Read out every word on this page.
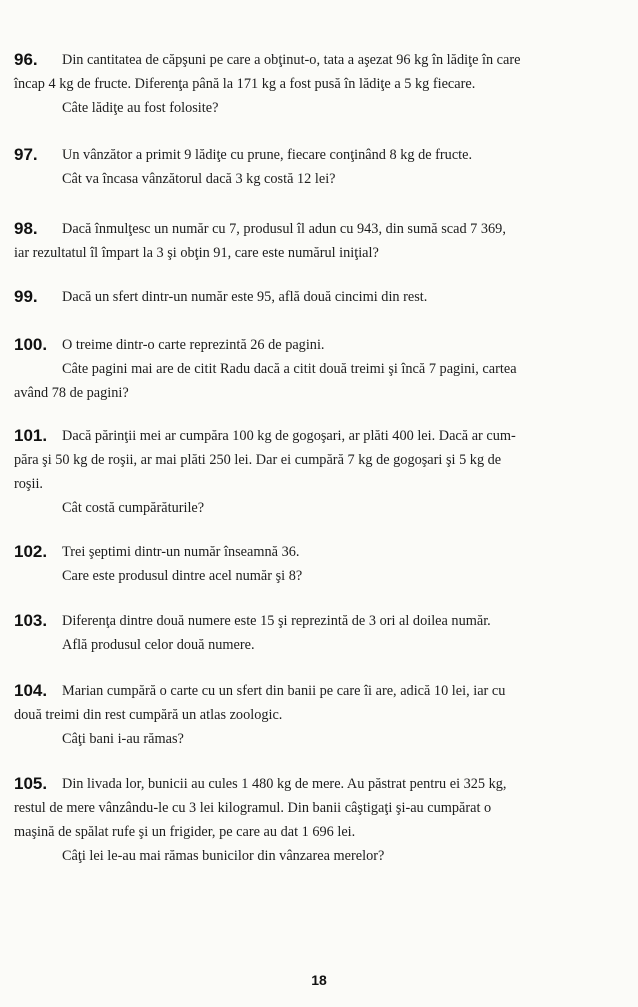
96. Din cantitatea de căpşuni pe care a obţinut-o, tata a aşezat 96 kg în lădiţe în care
încap 4 kg de fructe. Diferenţa până la 171 kg a fost pusă în lădiţe a 5 kg fiecare.
Câte lădiţe au fost folosite?
97. Un vânzător a primit 9 lădiţe cu prune, fiecare conţinând 8 kg de fructe.
Cât va încasa vânzătorul dacă 3 kg costă 12 lei?
98. Dacă înmulţesc un număr cu 7, produsul îl adun cu 943, din sumă scad 7 369,
iar rezultatul îl împart la 3 şi obţin 91, care este numărul iniţial?
99. Dacă un sfert dintr-un număr este 95, află două cincimi din rest.
100. O treime dintr-o carte reprezintă 26 de pagini.
Câte pagini mai are de citit Radu dacă a citit două treimi şi încă 7 pagini, cartea
având 78 de pagini?
101. Dacă părinţii mei ar cumpăra 100 kg de gogoşari, ar plăti 400 lei. Dacă ar cum-
păra şi 50 kg de roşii, ar mai plăti 250 lei. Dar ei cumpără 7 kg de gogoşari şi 5 kg de
roşii.
Cât costă cumpărăturile?
102. Trei şeptimi dintr-un număr înseamnă 36.
Care este produsul dintre acel număr şi 8?
103. Diferenţa dintre două numere este 15 şi reprezintă de 3 ori al doilea număr.
Află produsul celor două numere.
104. Marian cumpără o carte cu un sfert din banii pe care îi are, adică 10 lei, iar cu
două treimi din rest cumpără un atlas zoologic.
Câţi bani i-au rămas?
105. Din livada lor, bunicii au cules 1 480 kg de mere. Au păstrat pentru ei 325 kg,
restul de mere vânzându-le cu 3 lei kilogramul. Din banii câştigaţi şi-au cumpărat o
maşină de spălat rufe şi un frigider, pe care au dat 1 696 lei.
Câţi lei le-au mai rămas bunicilor din vânzarea merelor?
18
